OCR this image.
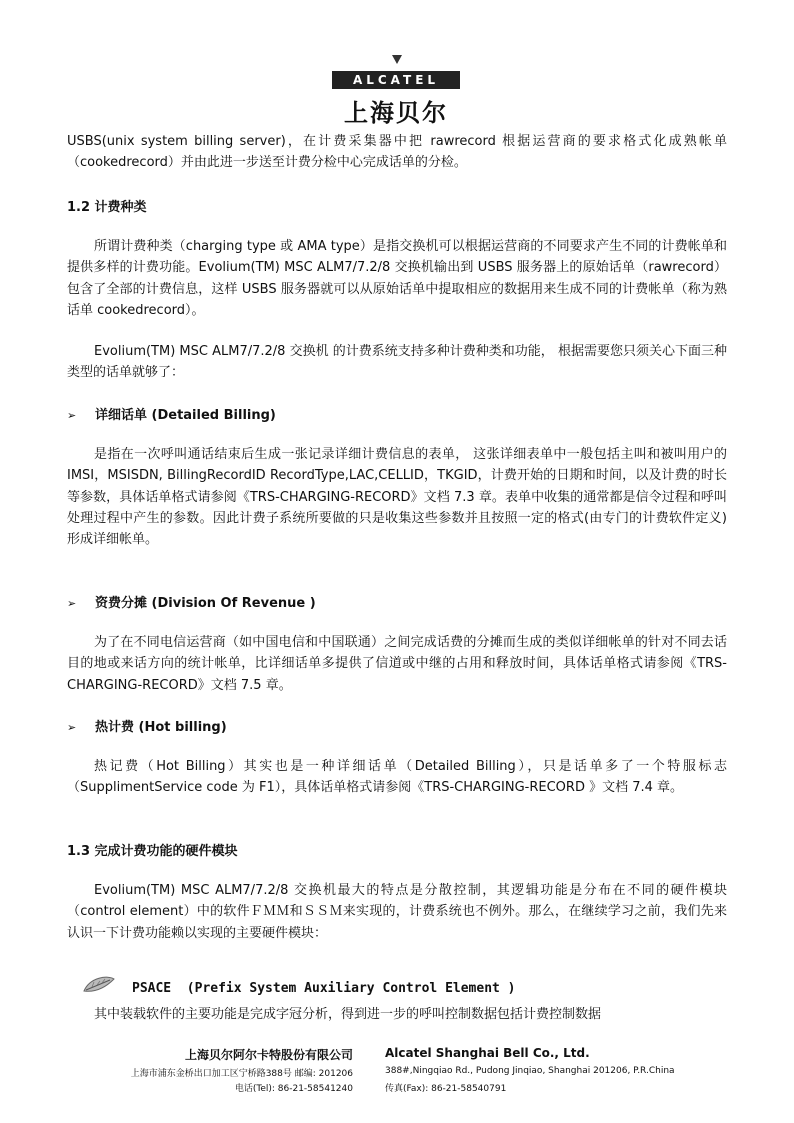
ALCATEL
上海贝尔

USBS(unix system billing server)，在计费采集器中把 rawrecord 根据运营商的要求格式化成熟帐单（cookedrecord）并由此进一步送至计费分检中心完成话单的分检。

1.2 计费种类

所谓计费种类（charging type 或 AMA type）是指交换机可以根据运营商的不同要求产生不同的计费帐单和提供多样的计费功能。Evolium(TM) MSC ALM7/7.2/8 交换机输出到 USBS 服务器上的原始话单（rawrecord）包含了全部的计费信息，这样 USBS 服务器就可以从原始话单中提取相应的数据用来生成不同的计费帐单（称为熟话单 cookedrecord）。

Evolium(TM) MSC ALM7/7.2/8 交换机 的计费系统支持多种计费种类和功能， 根据需要您只须关心下面三种类型的话单就够了：

➢ 详细话单 (Detailed Billing)

是指在一次呼叫通话结束后生成一张记录详细计费信息的表单， 这张详细表单中一般包括主叫和被叫用户的 IMSI，MSISDN, BillingRecordID RecordType,LAC,CELLID，TKGID，计费开始的日期和时间，以及计费的时长等参数，具体话单格式请参阅《TRS-CHARGING-RECORD》文档 7.3 章。表单中收集的通常都是信令过程和呼叫处理过程中产生的参数。因此计费子系统所要做的只是收集这些参数并且按照一定的格式(由专门的计费软件定义)形成详细帐单。

➢ 资费分摊 (Division Of Revenue )

为了在不同电信运营商（如中国电信和中国联通）之间完成话费的分摊而生成的类似详细帐单的针对不同去话目的地或来话方向的统计帐单，比详细话单多提供了信道或中继的占用和释放时间，具体话单格式请参阅《TRS-CHARGING-RECORD》文档 7.5 章。

➢ 热计费 (Hot billing)

热记费（Hot Billing）其实也是一种详细话单（Detailed Billing），只是话单多了一个特服标志（SupplimentService code 为 F1），具体话单格式请参阅《TRS-CHARGING-RECORD 》文档 7.4 章。

1.3 完成计费功能的硬件模块

Evolium(TM) MSC ALM7/7.2/8 交换机最大的特点是分散控制，其逻辑功能是分布在不同的硬件模块（control element）中的软件ＦＭＭ和ＳＳＭ来实现的，计费系统也不例外。那么，在继续学习之前，我们先来认识一下计费功能赖以实现的主要硬件模块：

PSACE  (Prefix System Auxiliary Control Element )

其中装载软件的主要功能是完成字冠分析，得到进一步的呼叫控制数据包括计费控制数据

上海贝尔阿尔卡特股份有限公司
上海市浦东金桥出口加工区宁桥路388号 邮编: 201206
电话(Tel): 86-21-58541240
Alcatel Shanghai Bell Co., Ltd.
388#,Ningqiao Rd., Pudong Jinqiao, Shanghai 201206, P.R.China
传真(Fax): 86-21-58540791
